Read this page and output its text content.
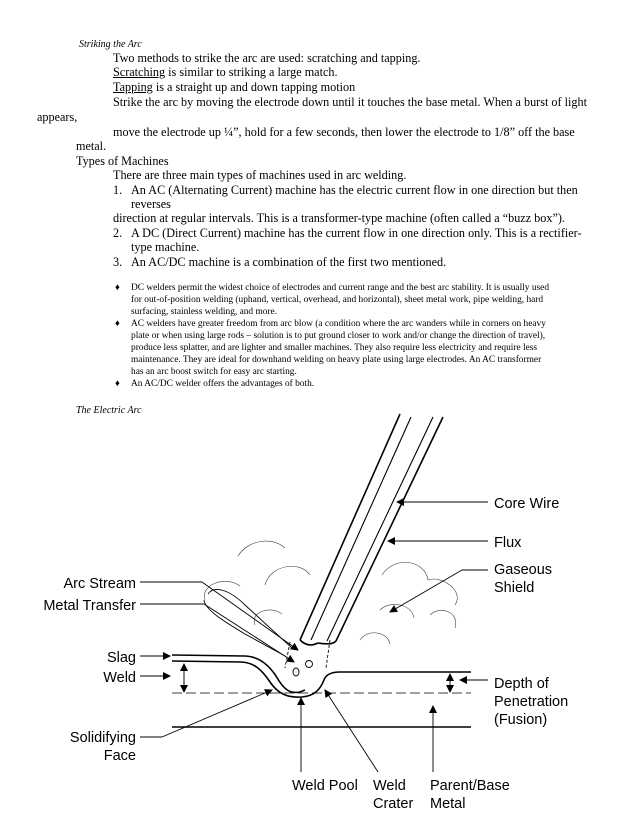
Striking the Arc
Two methods to strike the arc are used: scratching and tapping.
Scratching is similar to striking a large match.
Tapping is a straight up and down tapping motion
Strike the arc by moving the electrode down until it touches the base metal. When a burst of light
appears,
move the electrode up ¼”, hold for a few seconds, then lower the electrode to 1/8” off the base
metal.
Types of Machines
There are three main types of machines used in arc welding.
1. An AC (Alternating Current) machine has the electric current flow in one direction but then
reverses
direction at regular intervals. This is a transformer-type machine (often called a “buzz box”).
2. A DC (Direct Current) machine has the current flow in one direction only. This is a rectifier-
type machine.
3. An AC/DC machine is a combination of the first two mentioned.
♦ DC welders permit the widest choice of electrodes and current range and the best arc stability. It is usually used
for out-of-position welding (uphand, vertical, overhead, and horizontal), sheet metal work, pipe welding, hard
surfacing, stainless welding, and more.
♦ AC welders have greater freedom from arc blow (a condition where the arc wanders while in corners on heavy
plate or when using large rods – solution is to put ground closer to work and/or change the direction of travel),
produce less splatter, and are lighter and smaller machines. They also require less electricity and require less
maintenance. They are ideal for downhand welding on heavy plate using large electrodes. An AC transformer
has an arc boost switch for easy arc starting.
♦ An AC/DC welder offers the advantages of both.
The Electric Arc
Core Wire
Flux
Gaseous
Shield
Arc Stream
Metal Transfer
Slag
Weld	Depth of
Penetration
(Fusion)
Solidifying
Face
Weld Pool Weld
Crater
Parent/Base
Metal
